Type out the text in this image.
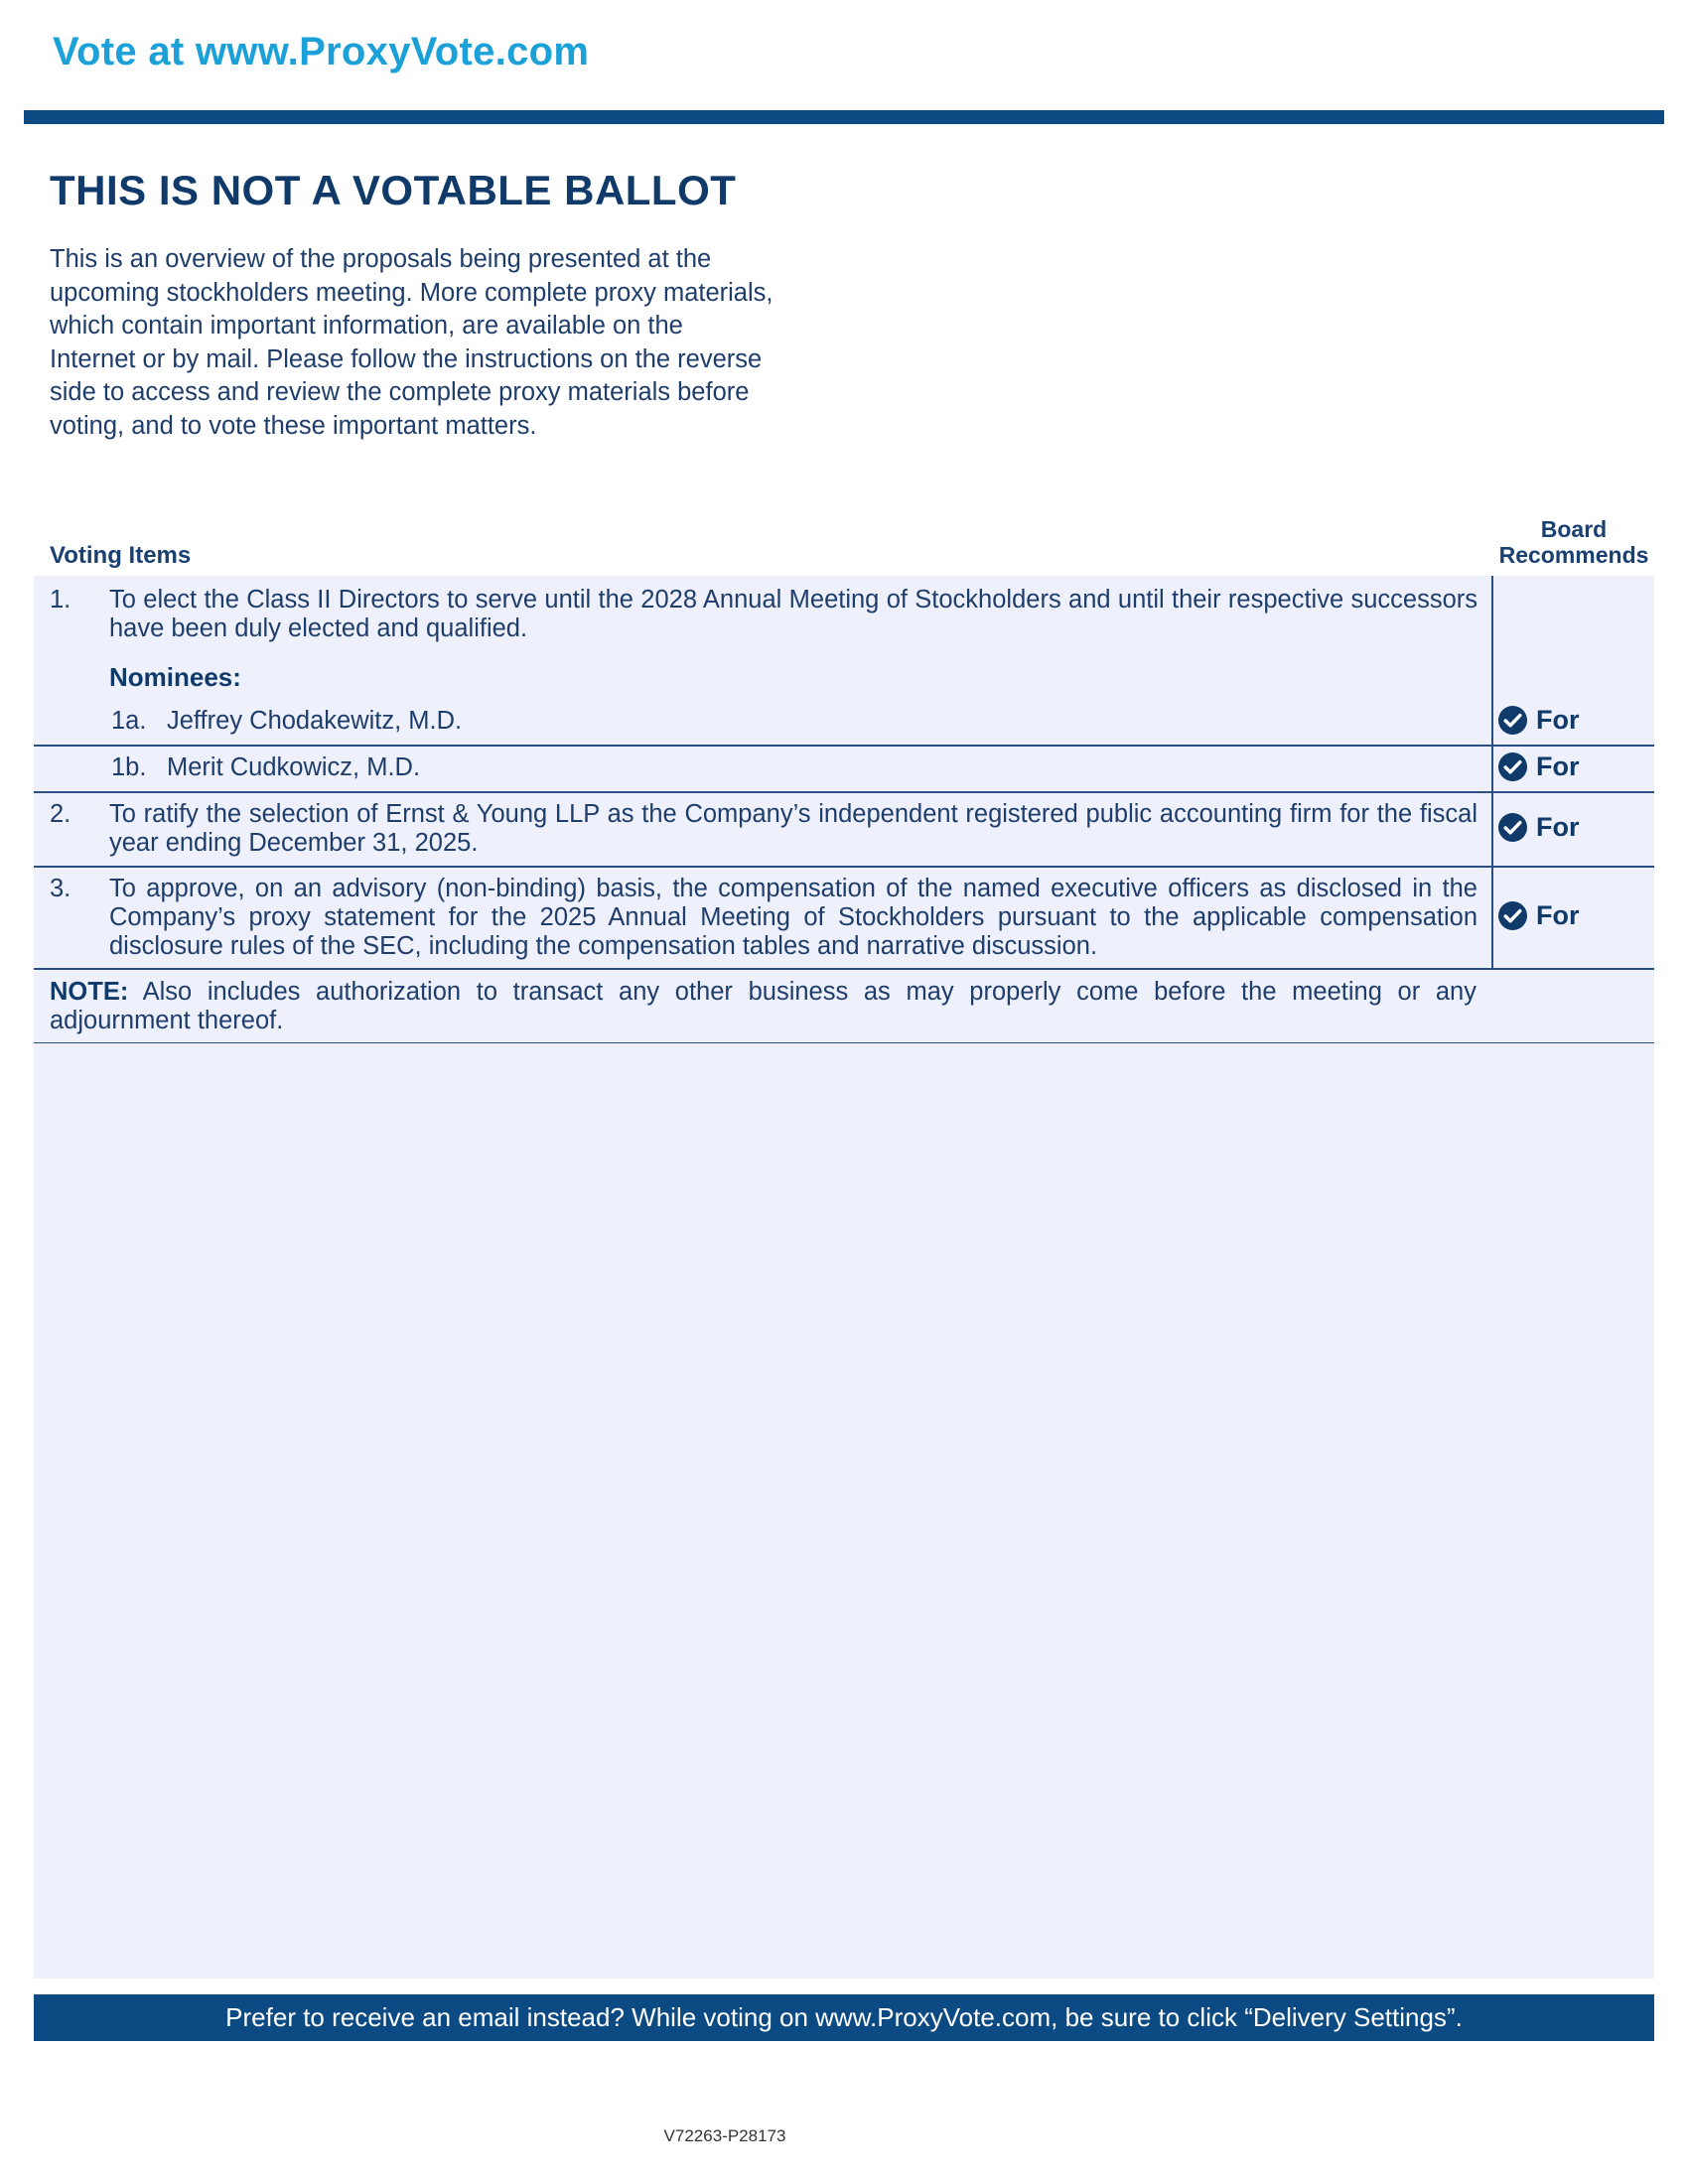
Vote at www.ProxyVote.com
THIS IS NOT A VOTABLE BALLOT
This is an overview of the proposals being presented at the
upcoming stockholders meeting. More complete proxy materials,
which contain important information, are available on the
Internet or by mail. Please follow the instructions on the reverse
side to access and review the complete proxy materials before
voting, and to vote these important matters.
Voting Items
Board
Recommends
1. To elect the Class II Directors to serve until the 2028 Annual Meeting of Stockholders and until their respective successors have been duly elected and qualified.
Nominees:
1a. Jeffrey Chodakewitz, M.D.	For
1b. Merit Cudkowicz, M.D.	For
2. To ratify the selection of Ernst & Young LLP as the Company’s independent registered public accounting firm for the fiscal year ending December 31, 2025.
For
3. To approve, on an advisory (non-binding) basis, the compensation of the named executive officers as disclosed in the Company’s proxy statement for the 2025 Annual Meeting of Stockholders pursuant to the applicable compensation disclosure rules of the SEC, including the compensation tables and narrative discussion.
For
NOTE: Also includes authorization to transact any other business as may properly come before the meeting or any adjournment thereof.
Prefer to receive an email instead? While voting on www.ProxyVote.com, be sure to click “Delivery Settings”.
V72263-P28173
